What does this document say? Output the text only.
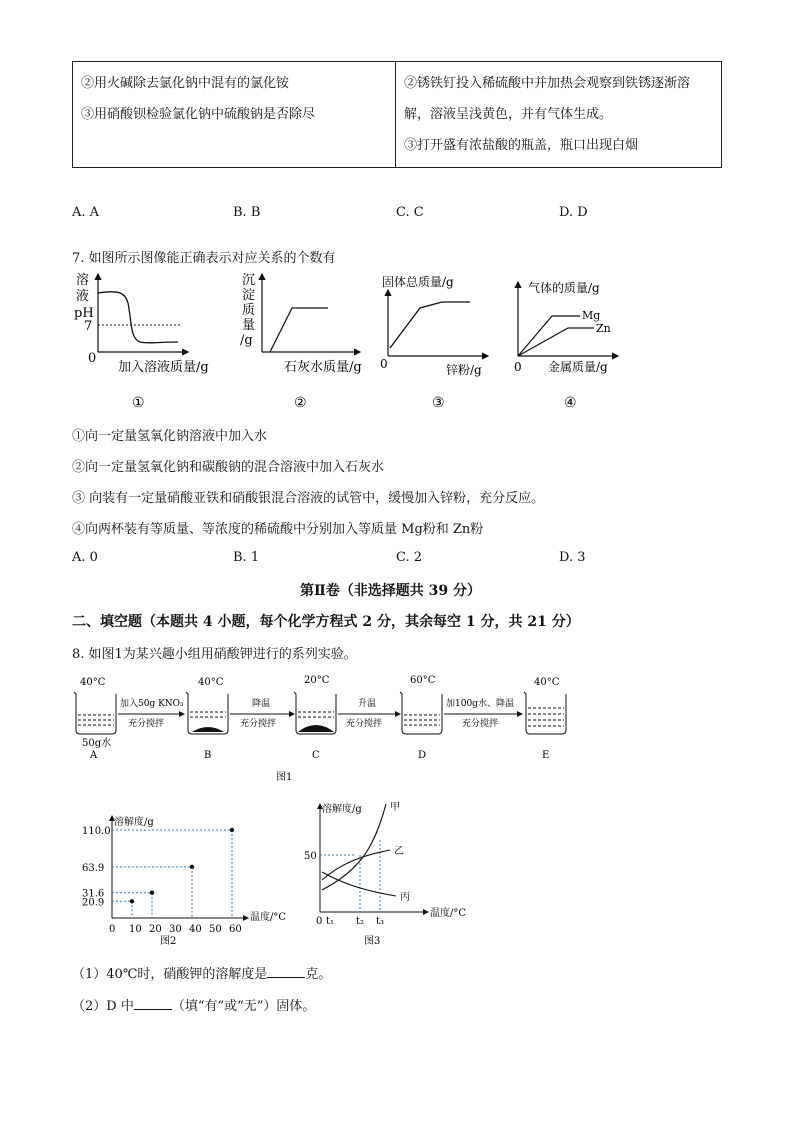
②用火碱除去氯化钠中混有的氯化铵
③用硝酸钡检验氯化钠中硫酸钠是否除尽

②锈铁钉投入稀硫酸中并加热会观察到铁锈逐渐溶
解，溶液呈浅黄色，并有气体生成。
③打开盛有浓盐酸的瓶盖，瓶口出现白烟
A. A	B. B	C. C	D. D
7. 如图所示图像能正确表示对应关系的个数有
溶
液
pH
7
0
加入溶液质量/g
①
沉
淀
质
量
/g
石灰水质量/g
②
固体总质量/g
0	锌粉/g
③
气体的质量/g
Mg
Zn
0 金属质量/g
④
①向一定量氢氧化钠溶液中加入水
②向一定量氢氧化钠和碳酸钠的混合溶液中加入石灰水
③ 向装有一定量硝酸亚铁和硝酸银混合溶液的试管中，缓慢加入锌粉，充分反应。
④向两杯装有等质量、等浓度的稀硫酸中分别加入等质量 Mg粉和 Zn粉
A. 0	B. 1	C. 2	D. 3
第Ⅱ卷（非选择题共 39 分）
二、填空题（本题共 4 小题，每个化学方程式 2 分，其余每空 1 分，共 21 分）
8. 如图1为某兴趣小组用硝酸钾进行的系列实验。
40°C
50g水
A
加入50g KNO₃
充分搅拌
40°C
B
降温
充分搅拌
20°C
C
升温
充分搅拌
60°C
D
加100g水、降温
充分搅拌
40°C
E
图1
溶解度/g
温度/°C
0 10 20 30 40 50 60
20.9
31.6
63.9
110.0
图2
溶解度/g
温度/°C
50
甲
乙
丙
0 t₁ t₂ t₃
图3
（1）40℃时，硝酸钾的溶解度是	克。
（2）D 中	（填“有”或“无”）固体。
